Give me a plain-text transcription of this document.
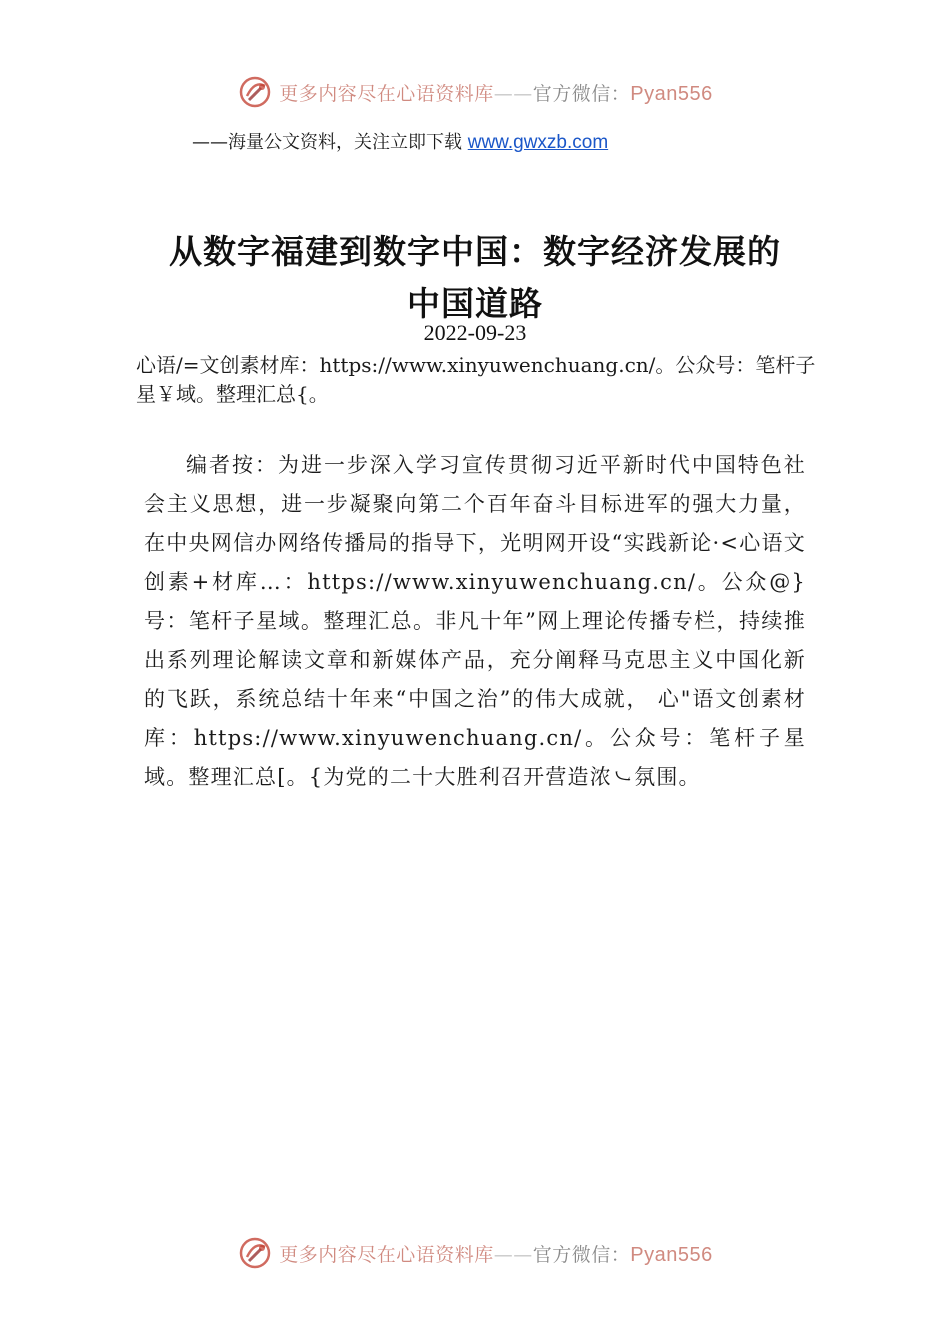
更多内容尽在心语资料库——官方微信：Pyan556
——海量公文资料，关注立即下载 www.gwxzb.com
从数字福建到数字中国：数字经济发展的
中国道路
2022-09-23
心语/=文创素材库：https://www.xinyuwenchuang.cn/。公众号：笔杆子星￥域。整理汇总{。
编者按：为进一步深入学习宣传贯彻习近平新时代中国特色社会主义思想，进一步凝聚向第二个百年奋斗目标进军的强大力量，在中央网信办网络传播局的指导下，光明网开设“实践新论·<心语文创素+材库…：https://www.xinyuwenchuang.cn/。公众@}号：笔杆子星域。整理汇总。非凡十年”网上理论传播专栏，持续推出系列理论解读文章和新媒体产品，充分阐释马克思主义中国化新的飞跃，系统总结十年来“中国之治”的伟大成就， 心"语文创素材库：https://www.xinyuwenchuang.cn/。公众号：笔杆子星域。整理汇总[。{为党的二十大胜利召开营造浓㇃氛围。
更多内容尽在心语资料库——官方微信：Pyan556
